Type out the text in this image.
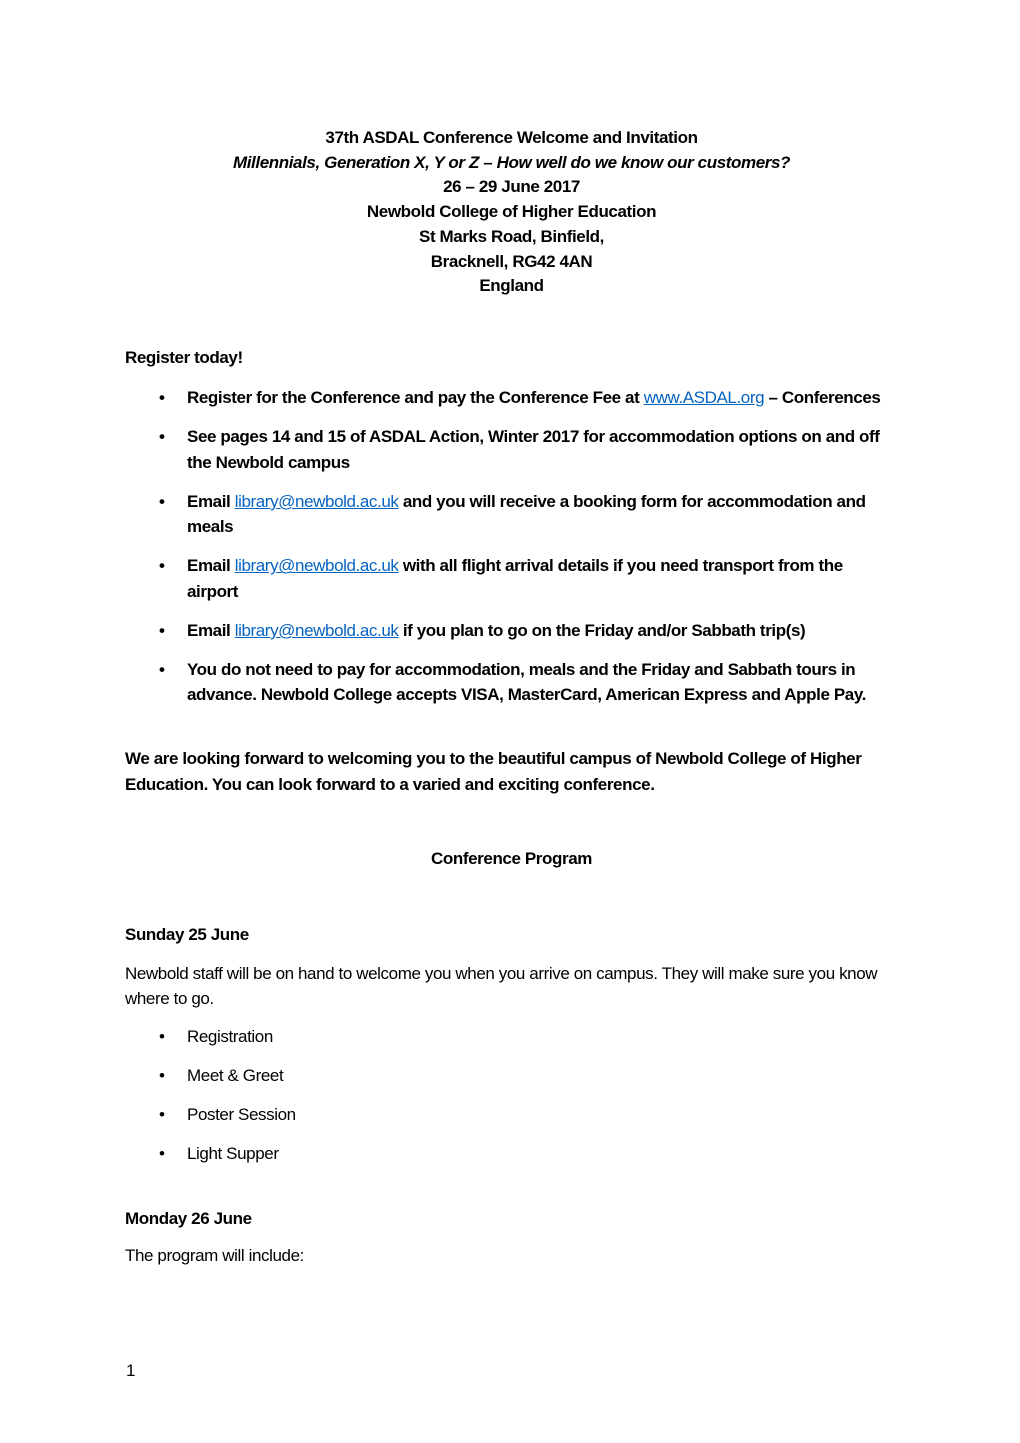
37th ASDAL Conference Welcome and Invitation
Millennials, Generation X, Y or Z – How well do we know our customers?
26 – 29 June 2017
Newbold College of Higher Education
St Marks Road, Binfield,
Bracknell, RG42 4AN
England
Register today!
• Register for the Conference and pay the Conference Fee at www.ASDAL.org – Conferences
• See pages 14 and 15 of ASDAL Action, Winter 2017 for accommodation options on and off the Newbold campus
• Email library@newbold.ac.uk and you will receive a booking form for accommodation and meals
• Email library@newbold.ac.uk with all flight arrival details if you need transport from the airport
• Email library@newbold.ac.uk if you plan to go on the Friday and/or Sabbath trip(s)
• You do not need to pay for accommodation, meals and the Friday and Sabbath tours in advance. Newbold College accepts VISA, MasterCard, American Express and Apple Pay.
We are looking forward to welcoming you to the beautiful campus of Newbold College of Higher Education. You can look forward to a varied and exciting conference.
Conference Program
Sunday 25 June
Newbold staff will be on hand to welcome you when you arrive on campus. They will make sure you know where to go.
• Registration
• Meet & Greet
• Poster Session
• Light Supper
Monday 26 June
The program will include:
1
